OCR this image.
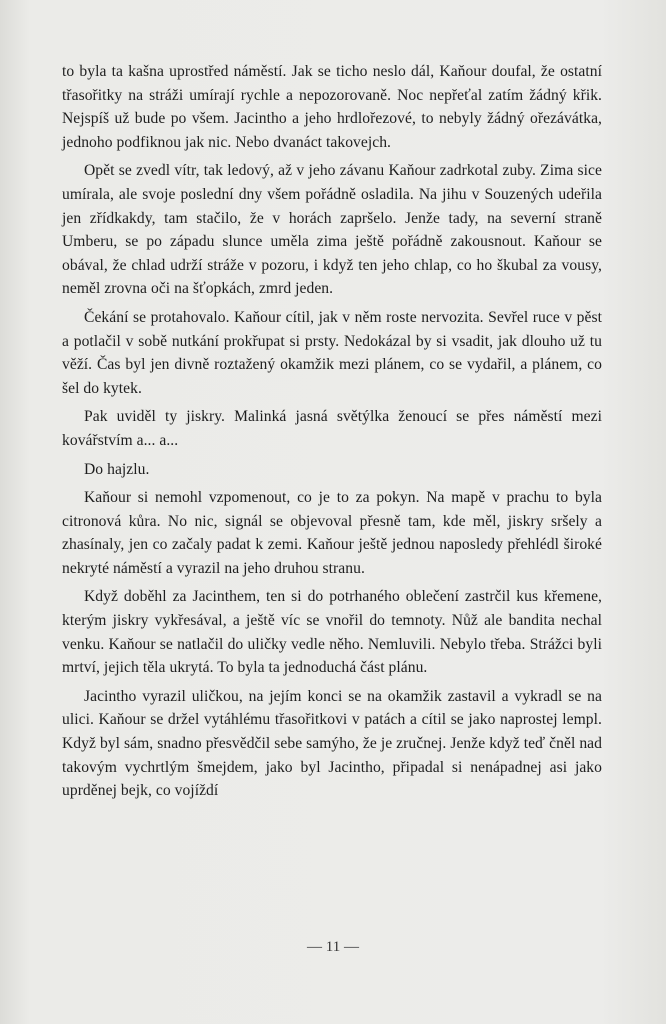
to byla ta kašna uprostřed náměstí. Jak se ticho neslo dál, Kaňour doufal, že ostatní třasořitky na stráži umírají rychle a nepozorovaně. Noc nepřeťal zatím žádný křik. Nejspíš už bude po všem. Jacintho a jeho hrdlořezové, to nebyly žádný ořezávátka, jednoho podfiknou jak nic. Nebo dvanáct takovejch.

Opět se zvedl vítr, tak ledový, až v jeho závanu Kaňour zadrkotal zuby. Zima sice umírala, ale svoje poslední dny všem pořádně osladila. Na jihu v Souzených udeřila jen zřídkakdy, tam stačilo, že v horách zapršelo. Jenže tady, na severní straně Umberu, se po západu slunce uměla zima ještě pořádně zakousnout. Kaňour se obával, že chlad udrží stráže v pozoru, i když ten jeho chlap, co ho škubal za vousy, neměl zrovna oči na šťopkách, zmrd jeden.

Čekání se protahovalo. Kaňour cítil, jak v něm roste nervozita. Sevřel ruce v pěst a potlačil v sobě nutkání prokřupat si prsty. Nedokázal by si vsadit, jak dlouho už tu věží. Čas byl jen divně roztažený okamžik mezi plánem, co se vydařil, a plánem, co šel do kytek.

Pak uviděl ty jiskry. Malinká jasná světýlka ženoucí se přes náměstí mezi kovářstvím a... a...

Do hajzlu.

Kaňour si nemohl vzpomenout, co je to za pokyn. Na mapě v prachu to byla citronová kůra. No nic, signál se objevoval přesně tam, kde měl, jiskry sršely a zhasínaly, jen co začaly padat k zemi. Kaňour ještě jednou naposledy přehlédl široké nekryté náměstí a vyrazil na jeho druhou stranu.

Když doběhl za Jacinthem, ten si do potrhaného oblečení zastrčil kus křemene, kterým jiskry vykřesával, a ještě víc se vnořil do temnoty. Nůž ale bandita nechal venku. Kaňour se natlačil do uličky vedle něho. Nemluvili. Nebylo třeba. Strážci byli mrtví, jejich těla ukrytá. To byla ta jednoduchá část plánu.

Jacintho vyrazil uličkou, na jejím konci se na okamžik zastavil a vykradl se na ulici. Kaňour se držel vytáhlému třasořitkovi v patách a cítil se jako naprostej lempl. Když byl sám, snadno přesvědčil sebe samýho, že je zručnej. Jenže když teď čněl nad takovým vychrtlým šmejdem, jako byl Jacintho, připadal si nenápadnej asi jako uprděnej bejk, co vojíždí

— 11 —
